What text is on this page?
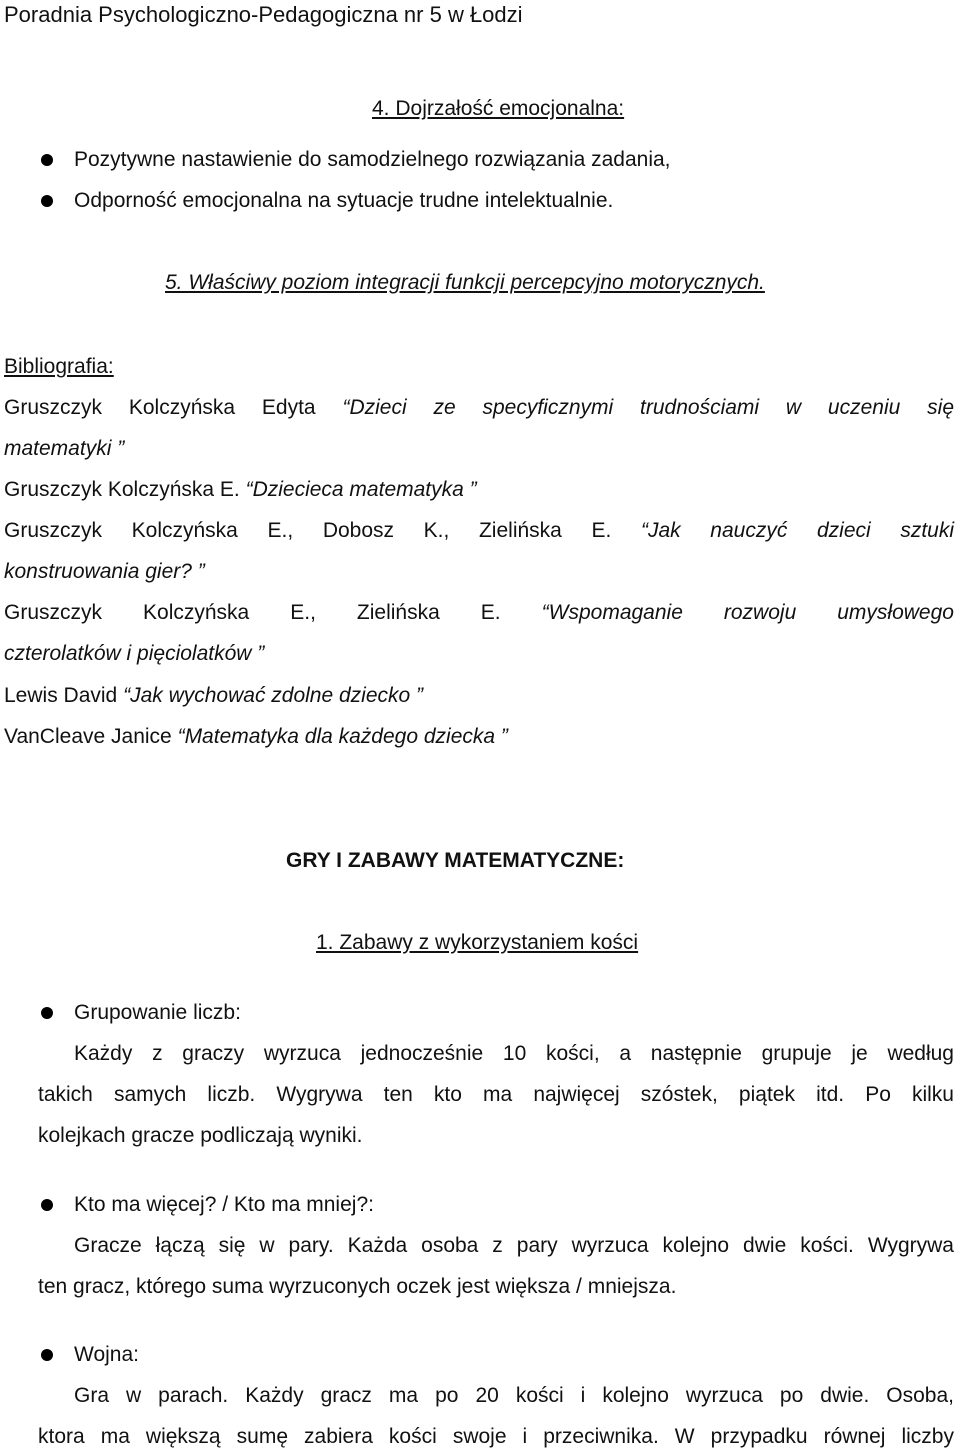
Poradnia Psychologiczno-Pedagogiczna nr 5 w Łodzi
4. Dojrzałość emocjonalna:
Pozytywne nastawienie do samodzielnego rozwiązania zadania,
Odporność emocjonalna na sytuacje trudne intelektualnie.
5. Właściwy poziom integracji funkcji percepcyjno motorycznych.
Bibliografia:
Gruszczyk Kolczyńska Edyta “Dzieci ze specyficznymi trudnościami w uczeniu się
matematyki ”
Gruszczyk Kolczyńska E. “Dziecieca matematyka ”
Gruszczyk Kolczyńska E., Dobosz K., Zielińska E. “Jak nauczyć dzieci sztuki
konstruowania gier? ”
Gruszczyk Kolczyńska E., Zielińska E. “Wspomaganie rozwoju umysłowego
czterolatków i pięciolatków ”
Lewis David “Jak wychować zdolne dziecko ”
VanCleave Janice “Matematyka dla każdego dziecka ”
GRY I ZABAWY MATEMATYCZNE:
1. Zabawy z wykorzystaniem kości
Grupowanie liczb:
Każdy z graczy wyrzuca jednocześnie 10 kości, a następnie grupuje je według
takich samych liczb. Wygrywa ten kto ma najwięcej szóstek, piątek itd. Po kilku
kolejkach gracze podliczają wyniki.
Kto ma więcej? / Kto ma mniej?:
Gracze łączą się w pary. Każda osoba z pary wyrzuca kolejno dwie kości. Wygrywa
ten gracz, którego suma wyrzuconych oczek jest większa / mniejsza.
Wojna:
Gra w parach. Każdy gracz ma po 20 kości i kolejno wyrzuca po dwie. Osoba,
ktora ma większą sumę zabiera kości swoje i przeciwnika. W przypadku równej liczby
